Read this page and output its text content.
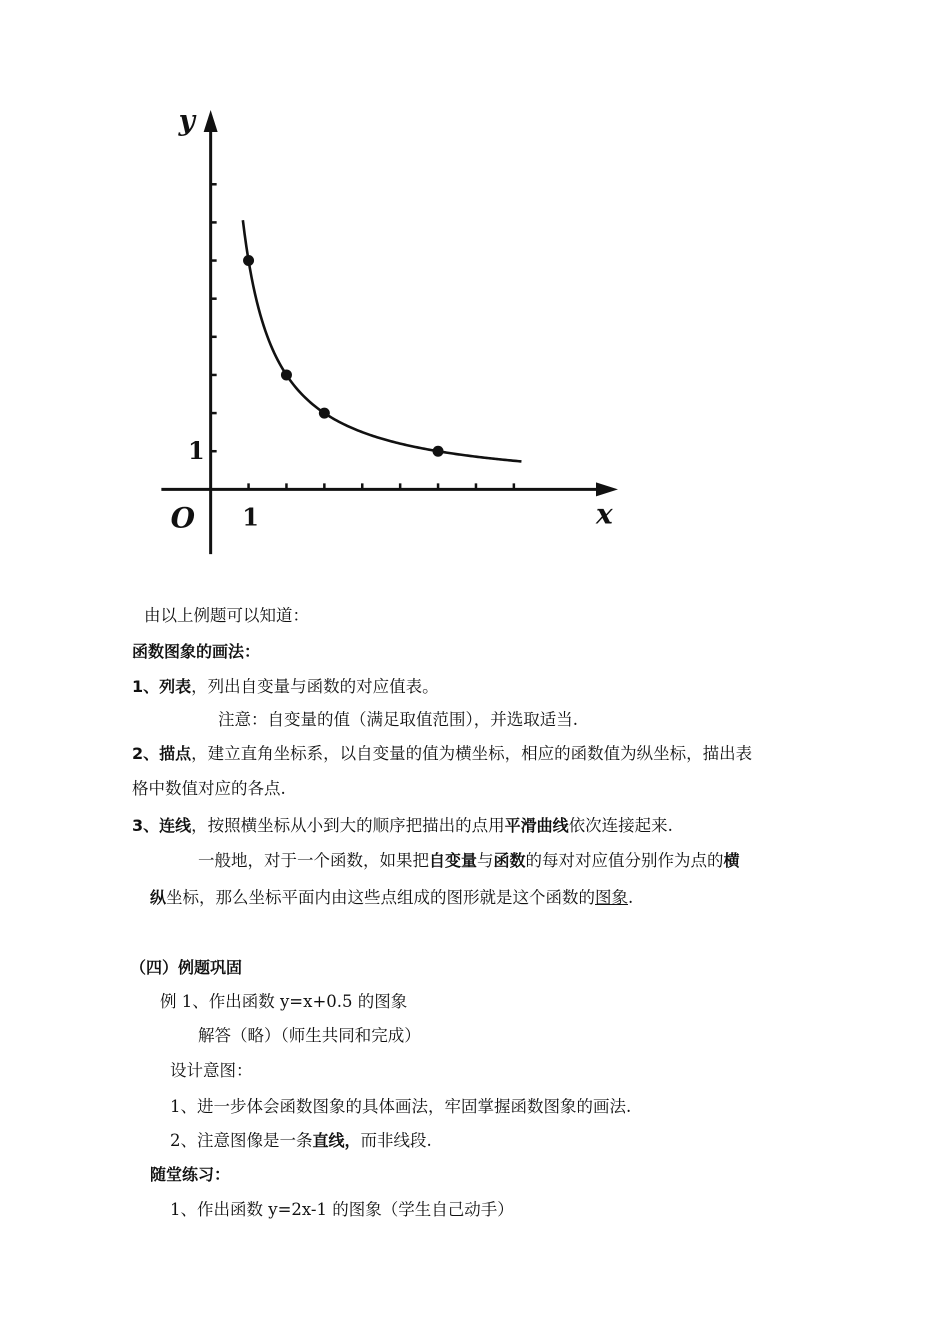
x
y
O 1
1
由以上例题可以知道：
函数图象的画法：
1、列表，列出自变量与函数的对应值表。
注意：自变量的值（满足取值范围），并选取适当.
2、描点，建立直角坐标系，以自变量的值为横坐标，相应的函数值为纵坐标，描出表
格中数值对应的各点.
3、连线，按照横坐标从小到大的顺序把描出的点用平滑曲线依次连接起来.
一般地，对于一个函数，如果把自变量与函数的每对对应值分别作为点的横
纵坐标，那么坐标平面内由这些点组成的图形就是这个函数的图象.
（四）例题巩固
例 1、作出函数 y=x+0.5 的图象
解答（略）（师生共同和完成）
设计意图：
1、进一步体会函数图象的具体画法，牢固掌握函数图象的画法.
2、注意图像是一条直线，而非线段.
随堂练习：
1、作出函数 y=2x-1 的图象（学生自己动手）
